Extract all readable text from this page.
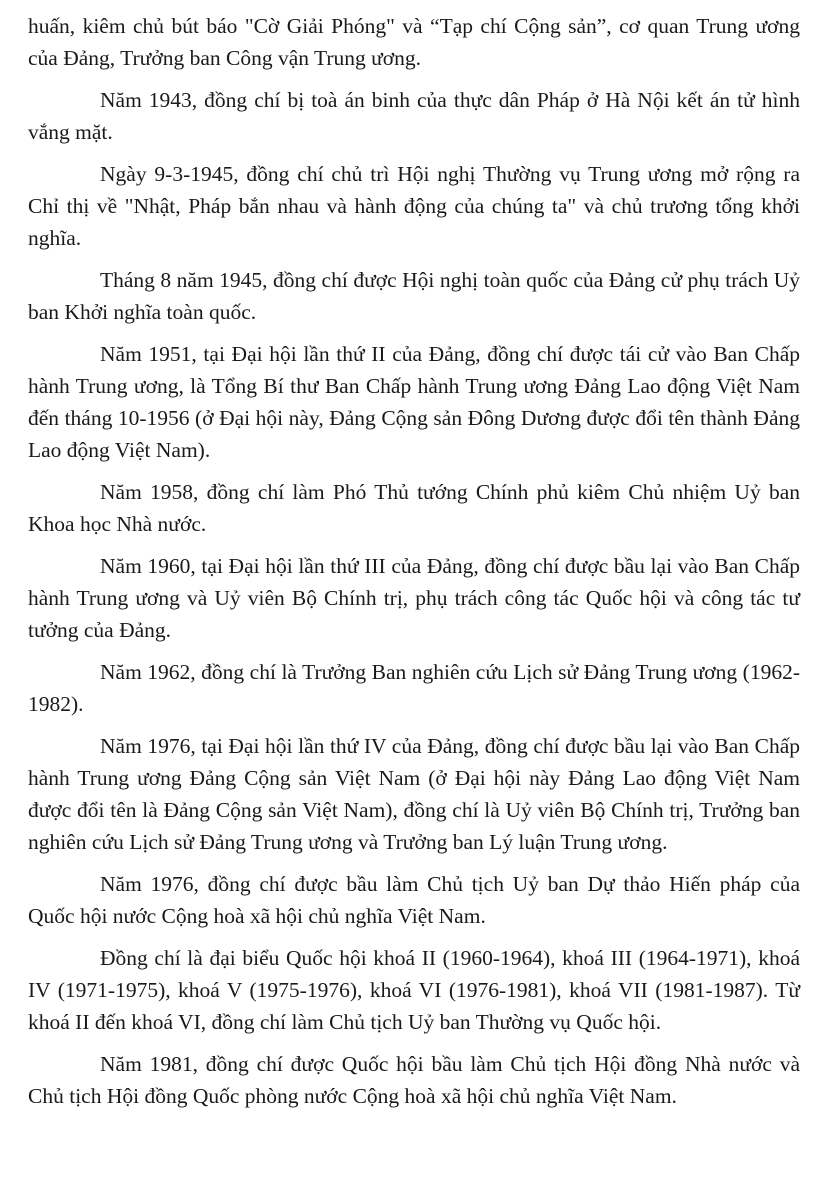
huấn, kiêm chủ bút báo "Cờ Giải Phóng" và “Tạp chí Cộng sản”, cơ quan Trung ương của Đảng, Trưởng ban Công vận Trung ương.

Năm 1943, đồng chí bị toà án binh của thực dân Pháp ở Hà Nội kết án tử hình vắng mặt.

Ngày 9-3-1945, đồng chí chủ trì Hội nghị Thường vụ Trung ương mở rộng ra Chỉ thị về "Nhật, Pháp bắn nhau và hành động của chúng ta" và chủ trương tổng khởi nghĩa.

Tháng 8 năm 1945, đồng chí được Hội nghị toàn quốc của Đảng cử phụ trách Uỷ ban Khởi nghĩa toàn quốc.

Năm 1951, tại Đại hội lần thứ II của Đảng, đồng chí được tái cử vào Ban Chấp hành Trung ương, là Tổng Bí thư Ban Chấp hành Trung ương Đảng Lao động Việt Nam đến tháng 10-1956 (ở Đại hội này, Đảng Cộng sản Đông Dương được đổi tên thành Đảng Lao động Việt Nam).

Năm 1958, đồng chí làm Phó Thủ tướng Chính phủ kiêm Chủ nhiệm Uỷ ban Khoa học Nhà nước.

Năm 1960, tại Đại hội lần thứ III của Đảng, đồng chí được bầu lại vào Ban Chấp hành Trung ương và Uỷ viên Bộ Chính trị, phụ trách công tác Quốc hội và công tác tư tưởng của Đảng.

Năm 1962, đồng chí là Trưởng Ban nghiên cứu Lịch sử Đảng Trung ương (1962-1982).

Năm 1976, tại Đại hội lần thứ IV của Đảng, đồng chí được bầu lại vào Ban Chấp hành Trung ương Đảng Cộng sản Việt Nam (ở Đại hội này Đảng Lao động Việt Nam được đổi tên là Đảng Cộng sản Việt Nam), đồng chí là Uỷ viên Bộ Chính trị, Trưởng ban nghiên cứu Lịch sử Đảng Trung ương và Trưởng ban Lý luận Trung ương.

Năm 1976, đồng chí được bầu làm Chủ tịch Uỷ ban Dự thảo Hiến pháp của Quốc hội nước Cộng hoà xã hội chủ nghĩa Việt Nam.

Đồng chí là đại biểu Quốc hội khoá II (1960-1964), khoá III (1964-1971), khoá IV (1971-1975), khoá V (1975-1976), khoá VI (1976-1981), khoá VII (1981-1987). Từ khoá II đến khoá VI, đồng chí làm Chủ tịch Uỷ ban Thường vụ Quốc hội.

Năm 1981, đồng chí được Quốc hội bầu làm Chủ tịch Hội đồng Nhà nước và Chủ tịch Hội đồng Quốc phòng nước Cộng hoà xã hội chủ nghĩa Việt Nam.
